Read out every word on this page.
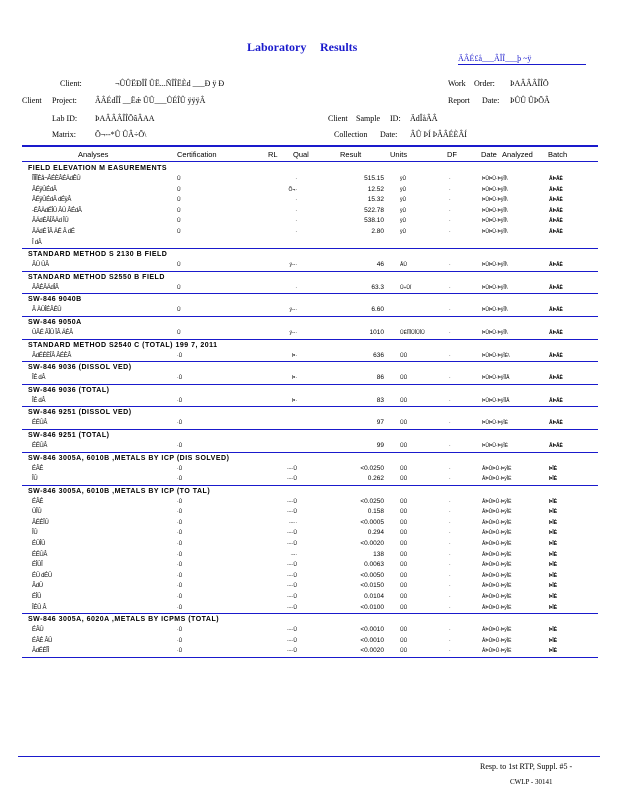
Laboratory Results
ÄÂÉ£å___ÂÎÎ___þ ~ÿ
Client:	¬ÛÛËÐÎÎ ÛË...ÑÎÎËÈd ___Ð ÿ Ð
Client Project: ÂÂÉdÎÎ __Ëǽ ÛÛ___ÛÉÎÛ ÿÿÿÂ
Lab ID: ÞAÂÂÂÎÎÕâÂAA
Matrix: Õ¬--*Û ÛÂ÷Õ\
Work Order: ÞAÂÂÂÎÎÕ
Report Date: ÞÛÛ ÛÞÕÂ
Client Sample ID: ÄdÎåÂÂ
Collection Date: ÂÛ ÞÍ ÞÂÂÉÈÂÍ
Analyses	Certification	RL Qual	Result	Units	DF	Date Analyzed Batch
FIELD ELEVATION M EASUREMENTS
ÎÎÎÎÈå¬ÂÉÈÂÉÄdÊÛ	Û	·	515.15	ÿÛ	·	ÞÛÞÛ·ÞÿÎÎ\	ÂÞÂÈ
ÂÉÿÛÉdÂ	Û	Õ¬·	12.52	ÿÛ	·	ÞÛÞÛ·ÞÿÎÎ\	ÂÞÂÈ
ÂÉÿÛÉdÂ dÉÿÂ	Û	·	15.32	ÿÛ	·	ÞÛÞÛ·ÞÿÎÎ\	ÂÞÂÈ
-ÉÂÄdÉÎÛ ÂÛ ÂÉdÂ	Û	·	522.78	ÿÛ	·	ÞÛÞÛ·ÞÿÎÎ\	ÂÞÂÈ
ÂÄdÉÂÎÂÄd ÎÛ	Û	·	538.10	ÿÛ	·	ÞÛÞÛ·ÞÿÎÎ\	ÂÞÂÈ
ÂÄdÉ ÎÂ ÄÉ Â dÉ	Û	·	2.80	ÿÛ	·	ÞÛÞÛ·ÞÿÎÎ\	ÂÞÂÈ
Î dÂ
STANDARD METHOD S 2130 B FIELD
ÂÛ ÛÂ	Û	ÿ--·	46	ÂÛ	·	ÞÛÞÛ·ÞÿÎÎ\	ÂÞÂÈ
STANDARD METHOD S2550 B FIELD
ÂÂÉÂÄdÎÂ	Û	·	63.3	Û÷ÛÍ	·	ÞÛÞÛ·ÞÿÎÎ\	ÂÞÂÈ
SW-846 9040B
Â ÄÛÎÉÂÉÛ	Û	ÿ--·	6.60	·	ÞÛÞÛ·ÞÿÎÎ\	ÂÞÂÈ
SW-846 9050A
ÛÂÉ ÂÎÛ ÎÂ ÄÉÂ	Û	ÿ--·	1010	ÛÉÎÎÎÛÎÛÎÛ	·	ÞÛÞÛ·ÞÿÎÎ\	ÂÞÂÈ
STANDARD METHOD S2540 C (TOTAL) 199 7, 2011
ÂdÉÉÈÎÂ ÂÉÈÂ	·Û	Þ·	636	ÛÛ	·	ÞÛÞÛ·ÞÿÎÉ\	ÂÞÂÈ
SW-846 9036 (DISSOL VED)
ÎÉ dÂ	·Û	Þ·	86	ÛÛ	·	ÞÛÞÛ·ÞÿÎÎÂ	ÂÞÂÈ
SW-846 9036 (TOTAL)
ÎÉ dÂ	·Û	Þ·	83	ÛÛ	·	ÞÛÞÛ·ÞÿÎÎÂ	ÂÞÂÈ
SW-846 9251 (DISSOL VED)
ÉÉÛÂ	·Û	97	ÛÛ	·	ÞÛÞÛ·ÞÿÎÉ	ÂÞÂÈ
SW-846 9251 (TOTAL)
ÉÉÛÂ	·Û	99	ÛÛ	·	ÞÛÞÛ·ÞÿÎÉ	ÂÞÂÈ
SW-846 3005A, 6010B ,METALS BY ICP (DIS SOLVED)
ÉÂÉ	·Û	·--·Û	<0.0250	ÛÛ	·	ÂÞÛÞÛ·ÞÿÎÉ	ÞÎÈ
ÎÛ	·Û	·--·Û	0.262	ÛÛ	·	ÂÞÛÞÛ·ÞÿÎÉ	ÞÎÈ
SW-846 3005A, 6010B ,METALS BY ICP (TO TAL)
ÉÂÉ	·Û	·--·Û	<0.0250	ÛÛ	·	ÂÞÛÞÛ·ÞÿÎÉ	ÞÎÈ
ÛÎÛ	·Û	·--·Û	0.158	ÛÛ	·	ÂÞÛÞÛ·ÞÿÎÉ	ÞÎÈ
ÂÉÉÎÛ	·Û	·--··	<0.0005	ÛÛ	·	ÂÞÛÞÛ·ÞÿÎÉ	ÞÎÈ
ÎÛ	·Û	·--·Û	0.294	ÛÛ	·	ÂÞÛÞÛ·ÞÿÎÉ	ÞÎÈ
ÉÛÎÛ	·Û	·--·Û	<0.0020	ÛÛ	·	ÂÞÛÞÛ·ÞÿÎÉ	ÞÎÈ
ÉÉÛÂ	·Û	·--·	138	ÛÛ	·	ÂÞÛÞÛ·ÞÿÎÉ	ÞÎÈ
ÉÎÛÎ	·Û	·--·Û	0.0063	ÛÛ	·	ÂÞÛÞÛ·ÞÿÎÉ	ÞÎÈ
ÉÛ dÉÛ	·Û	·--·Û	<0.0050	ÛÛ	·	ÂÞÛÞÛ·ÞÿÎÉ	ÞÎÈ
ÂdÛ	·Û	·--·Û	<0.0150	ÛÛ	·	ÂÞÛÞÛ·ÞÿÎÉ	ÞÎÈ
ÉÎÛ	·Û	·--·Û	0.0104	ÛÛ	·	ÂÞÛÞÛ·ÞÿÎÉ	ÞÎÈ
ÎÉÛ Â	·Û	·--·Û	<0.0100	ÛÛ	·	ÂÞÛÞÛ·ÞÿÎÉ	ÞÎÈ
SW-846 3005A, 6020A ,METALS BY ICPMS (TOTAL)
ÉÂÛ	·Û	·--·Û	<0.0010	ÛÛ	·	ÂÞÛÞÛ·ÞÿÎÉ	ÞÎÈ
ÉÂÉ ÂÛ	·Û	·--·Û	<0.0010	ÛÛ	·	ÂÞÛÞÛ·ÞÿÎÉ	ÞÎÈ
ÂdÉÉÎÎ	·Û	·--·Û	<0.0020	ÛÛ	·	ÂÞÛÞÛ·ÞÿÎÉ	ÞÎÈ
Resp. to 1st RTP, Suppl. #5 -
CWLP - 30141
